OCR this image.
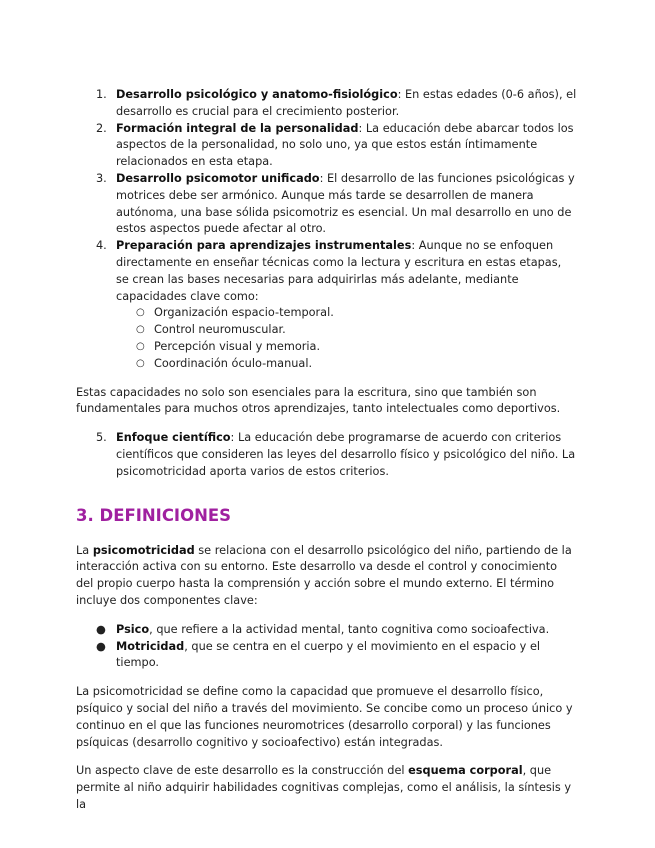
1. Desarrollo psicológico y anatomo-fisiológico: En estas edades (0-6 años), el desarrollo es crucial para el crecimiento posterior.
2. Formación integral de la personalidad: La educación debe abarcar todos los aspectos de la personalidad, no solo uno, ya que estos están íntimamente relacionados en esta etapa.
3. Desarrollo psicomotor unificado: El desarrollo de las funciones psicológicas y motrices debe ser armónico. Aunque más tarde se desarrollen de manera autónoma, una base sólida psicomotriz es esencial. Un mal desarrollo en uno de estos aspectos puede afectar al otro.
4. Preparación para aprendizajes instrumentales: Aunque no se enfoquen directamente en enseñar técnicas como la lectura y escritura en estas etapas, se crean las bases necesarias para adquirirlas más adelante, mediante capacidades clave como:
○ Organización espacio-temporal.
○ Control neuromuscular.
○ Percepción visual y memoria.
○ Coordinación óculo-manual.

Estas capacidades no solo son esenciales para la escritura, sino que también son fundamentales para muchos otros aprendizajes, tanto intelectuales como deportivos.

5. Enfoque científico: La educación debe programarse de acuerdo con criterios científicos que consideren las leyes del desarrollo físico y psicológico del niño. La psicomotricidad aporta varios de estos criterios.
3. DEFINICIONES

La psicomotricidad se relaciona con el desarrollo psicológico del niño, partiendo de la interacción activa con su entorno. Este desarrollo va desde el control y conocimiento del propio cuerpo hasta la comprensión y acción sobre el mundo externo. El término incluye dos componentes clave:

● Psico, que refiere a la actividad mental, tanto cognitiva como socioafectiva.
● Motricidad, que se centra en el cuerpo y el movimiento en el espacio y el tiempo.

La psicomotricidad se define como la capacidad que promueve el desarrollo físico, psíquico y social del niño a través del movimiento. Se concibe como un proceso único y continuo en el que las funciones neuromotrices (desarrollo corporal) y las funciones psíquicas (desarrollo cognitivo y socioafectivo) están integradas.

Un aspecto clave de este desarrollo es la construcción del esquema corporal, que permite al niño adquirir habilidades cognitivas complejas, como el análisis, la síntesis y la
